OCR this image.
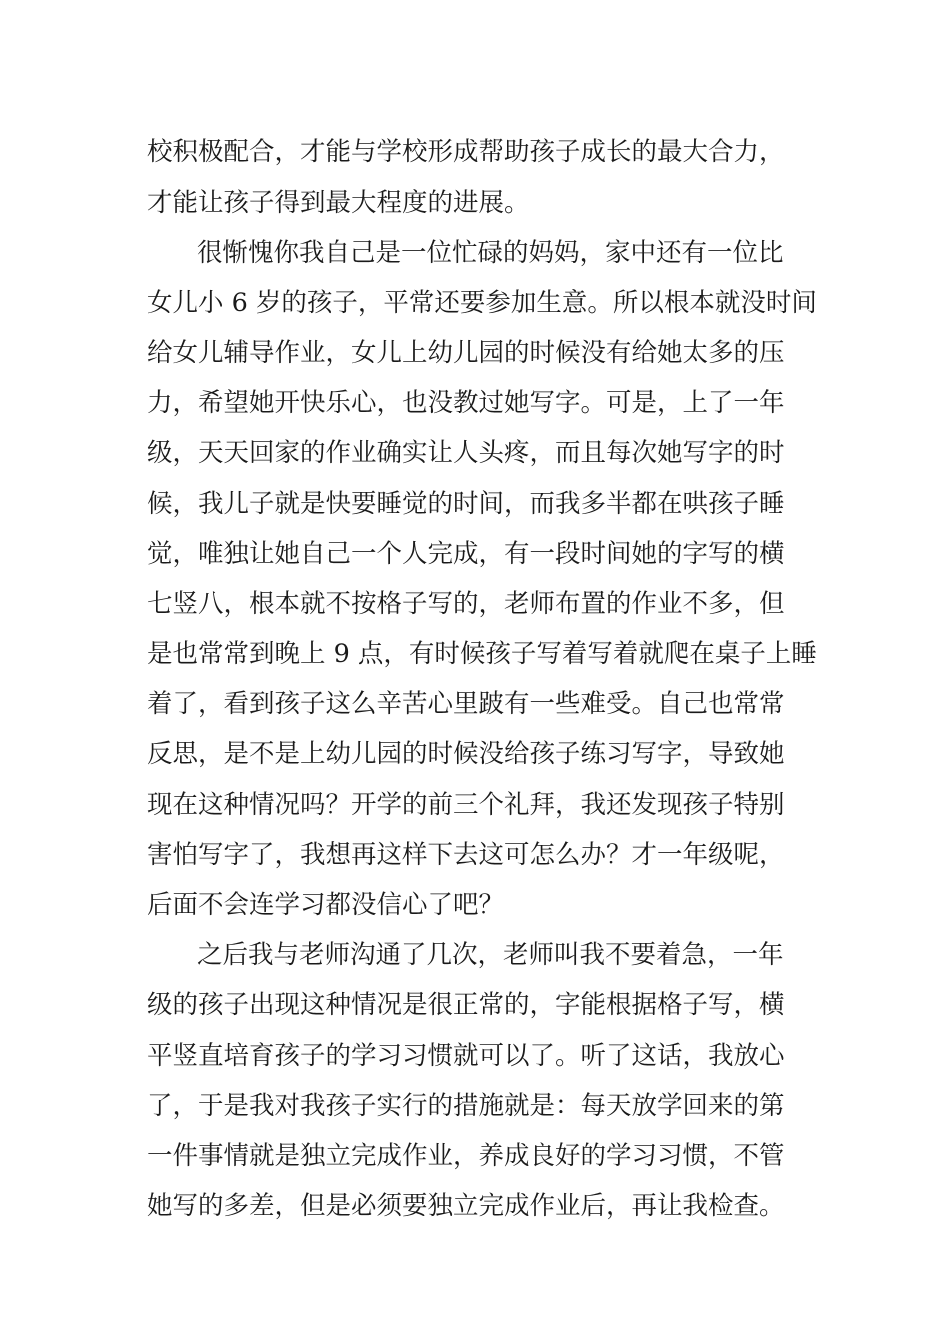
校积极配合，才能与学校形成帮助孩子成长的最大合力，
才能让孩子得到最大程度的进展。
很惭愧你我自己是一位忙碌的妈妈，家中还有一位比
女儿小 6 岁的孩子，平常还要参加生意。所以根本就没时间
给女儿辅导作业，女儿上幼儿园的时候没有给她太多的压
力，希望她开快乐心，也没教过她写字。可是，上了一年
级，天天回家的作业确实让人头疼，而且每次她写字的时
候，我儿子就是快要睡觉的时间，而我多半都在哄孩子睡
觉，唯独让她自己一个人完成，有一段时间她的字写的横
七竖八，根本就不按格子写的，老师布置的作业不多，但
是也常常到晚上 9 点，有时候孩子写着写着就爬在桌子上睡
着了，看到孩子这么辛苦心里跛有一些难受。自己也常常
反思，是不是上幼儿园的时候没给孩子练习写字，导致她
现在这种情况吗？开学的前三个礼拜，我还发现孩子特别
害怕写字了，我想再这样下去这可怎么办？才一年级呢，
后面不会连学习都没信心了吧？
之后我与老师沟通了几次，老师叫我不要着急，一年
级的孩子出现这种情况是很正常的，字能根据格子写，横
平竖直培育孩子的学习习惯就可以了。听了这话，我放心
了，于是我对我孩子实行的措施就是：每天放学回来的第
一件事情就是独立完成作业，养成良好的学习习惯，不管
她写的多差，但是必须要独立完成作业后，再让我检查。
